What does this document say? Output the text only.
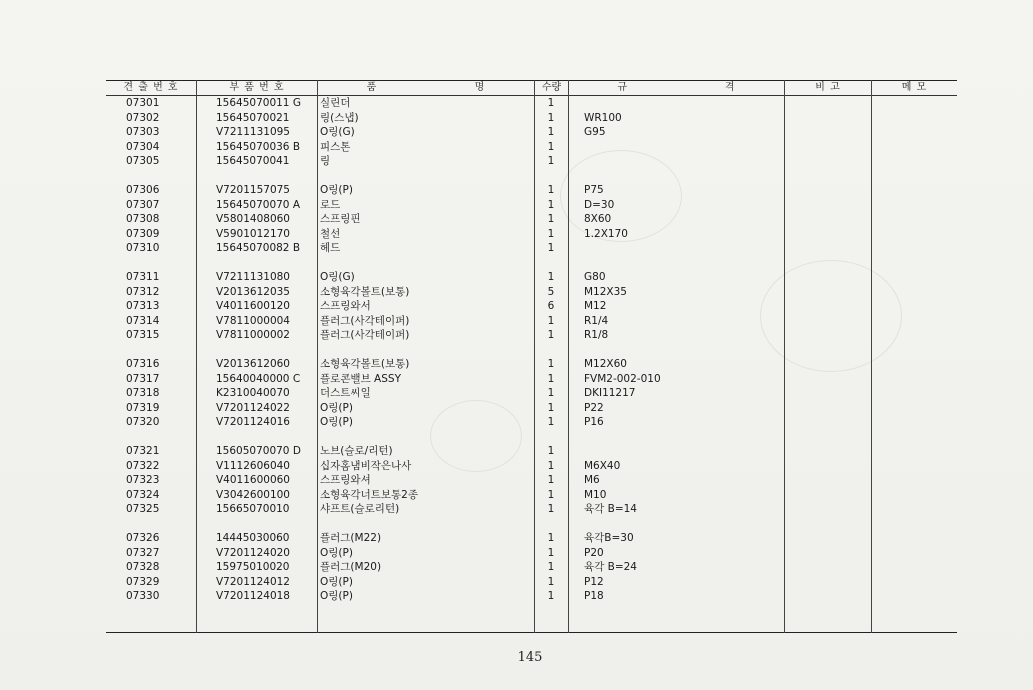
견 출 번 호	부 품 번 호	품	명	수량	규	격	비 고	메 모
07301	15645070011 G	실린더	1
07302	15645070021	링(스냅)	1	WR100
07303	V7211131095	O링(G)	1	G95
07304	15645070036 B	피스톤	1
07305	15645070041	링	1
07306	V7201157075	O링(P)	1	P75
07307	15645070070 A	로드	1	D=30
07308	V5801408060	스프링핀	1	8X60
07309	V5901012170	철선	1	1.2X170
07310	15645070082 B	헤드	1
07311	V7211131080	O링(G)	1	G80
07312	V2013612035	소형육각볼트(보통)	5	M12X35
07313	V4011600120	스프링와서	6	M12
07314	V7811000004	플러그(사각테이퍼)	1	R1/4
07315	V7811000002	플러그(사각테이퍼)	1	R1/8
07316	V2013612060	소형육각볼트(보통)	1	M12X60
07317	15640040000 C	플로콘밸브 ASSY	1	FVM2-002-010
07318	K2310040070	더스트씨일	1	DKI11217
07319	V7201124022	O링(P)	1	P22
07320	V7201124016	O링(P)	1	P16
07321	15605070070 D	노브(슬로/리턴)	1
07322	V1112606040	십자홈냄비작은나사	1	M6X40
07323	V4011600060	스프링와셔	1	M6
07324	V3042600100	소형육각너트보통2종	1	M10
07325	15665070010	샤프트(슬로리턴)	1	육각 B=14
07326	14445030060	플러그(M22)	1	육각B=30
07327	V7201124020	O링(P)	1	P20
07328	15975010020	플러그(M20)	1	육각 B=24
07329	V7201124012	O링(P)	1	P12
07330	V7201124018	O링(P)	1	P18
145
